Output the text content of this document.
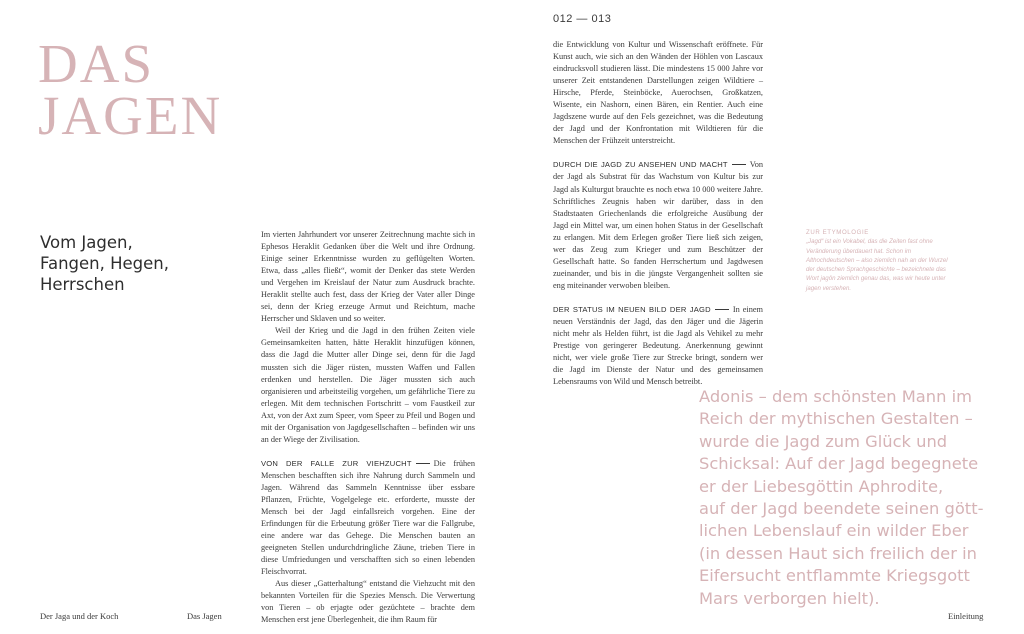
012 — 013
DAS
JAGEN
Vom Jagen,
Fangen, Hegen,
Herrschen

Im vierten Jahrhundert vor unserer Zeitrechnung machte sich in Ephesos Heraklit Gedanken über die Welt und ihre Ordnung. Einige seiner Erkenntnisse wurden zu geflügelten Worten. Etwa, dass „alles fließt“, womit der Denker das stete Werden und Vergehen im Kreislauf der Natur zum Ausdruck brachte. Heraklit stellte auch fest, dass der Krieg der Vater aller Dinge sei, denn der Krieg erzeuge Armut und Reichtum, mache Herrscher und Sklaven und so weiter.

Weil der Krieg und die Jagd in den frühen Zeiten viele Gemeinsamkeiten hatten, hätte Heraklit hinzufügen können, dass die Jagd die Mutter aller Dinge sei, denn für die Jagd mussten sich die Jäger rüsten, mussten Waffen und Fallen erdenken und herstellen. Die Jäger mussten sich auch organisieren und arbeitsteilig vorgehen, um gefährliche Tiere zu erlegen. Mit dem technischen Fortschritt – vom Faustkeil zur Axt, von der Axt zum Speer, vom Speer zu Pfeil und Bogen und mit der Organisation von Jagdgesellschaften – befinden wir uns an der Wiege der Zivilisation.

VON DER FALLE ZUR VIEHZUCHT	Die frühen Menschen beschafften sich ihre Nahrung durch Sammeln und Jagen. Während das Sammeln Kenntnisse über essbare Pflanzen, Früchte, Vogelgelege etc. erforderte, musste der Mensch bei der Jagd einfallsreich vorgehen. Eine der Erfindungen für die Erbeutung größer Tiere war die Fallgrube, eine andere war das Gehege. Die Menschen bauten an geeigneten Stellen undurchdringliche Zäune, trieben Tiere in diese Umfriedungen und verschafften sich so einen lebenden Fleischvorrat.

Aus dieser „Gatterhaltung“ entstand die Viehzucht mit den bekannten Vorteilen für die Spezies Mensch. Die Verwertung von Tieren – ob erjagte oder gezüchtete – brachte dem Menschen erst jene Überlegenheit, die ihm Raum für

die Entwicklung von Kultur und Wissenschaft eröffnete. Für Kunst auch, wie sich an den Wänden der Höhlen von Lascaux eindrucksvoll studieren lässt. Die mindestens 15 000 Jahre vor unserer Zeit entstandenen Darstellungen zeigen Wildtiere – Hirsche, Pferde, Steinböcke, Auerochsen, Großkatzen, Wisente, ein Nashorn, einen Bären, ein Rentier. Auch eine Jagdszene wurde auf den Fels gezeichnet, was die Bedeutung der Jagd und der Konfrontation mit Wildtieren für die Menschen der Frühzeit unterstreicht.

DURCH DIE JAGD ZU ANSEHEN UND MACHT	Von der Jagd als Substrat für das Wachstum von Kultur bis zur Jagd als Kulturgut brauchte es noch etwa 10 000 weitere Jahre. Schriftliches Zeugnis haben wir darüber, dass in den Stadtstaaten Griechenlands die erfolgreiche Ausübung der Jagd ein Mittel war, um einen hohen Status in der Gesellschaft zu erlangen. Mit dem Erlegen großer Tiere ließ sich zeigen, wer das Zeug zum Krieger und zum Beschützer der Gesellschaft hatte. So fanden Herrschertum und Jagdwesen zueinander, und bis in die jüngste Vergangenheit sollten sie eng miteinander verwoben bleiben.

DER STATUS IM NEUEN BILD DER JAGD	In einem neuen Verständnis der Jagd, das den Jäger und die Jägerin nicht mehr als Helden führt, ist die Jagd als Vehikel zu mehr Prestige von geringerer Bedeutung. Anerkennung gewinnt nicht, wer viele große Tiere zur Strecke bringt, sondern wer die Jagd im Dienste der Natur und des gemeinsamen Lebensraums von Wild und Mensch betreibt.

ZUR ETYMOLOGIE
„Jagd“ ist ein Vokabel, das die Zeiten fast ohne Veränderung überdauert hat. Schon im Althochdeutschen – also ziemlich nah an der Wurzel der deutschen Sprachgeschichte – bezeichnete das Wort jagôn ziemlich genau das, was wir heute unter jagen verstehen.
Adonis – dem schönsten Mann im
Reich der mythischen Gestalten –
wurde die Jagd zum Glück und
Schicksal: Auf der Jagd begegnete
er der Liebesgöttin Aphrodite,
auf der Jagd beendete seinen gött-
lichen Lebenslauf ein wilder Eber
(in dessen Haut sich freilich der in
Eifersucht entflammte Kriegsgott
Mars verborgen hielt).
Der Jaga und der Koch	Das Jagen	Einleitung
